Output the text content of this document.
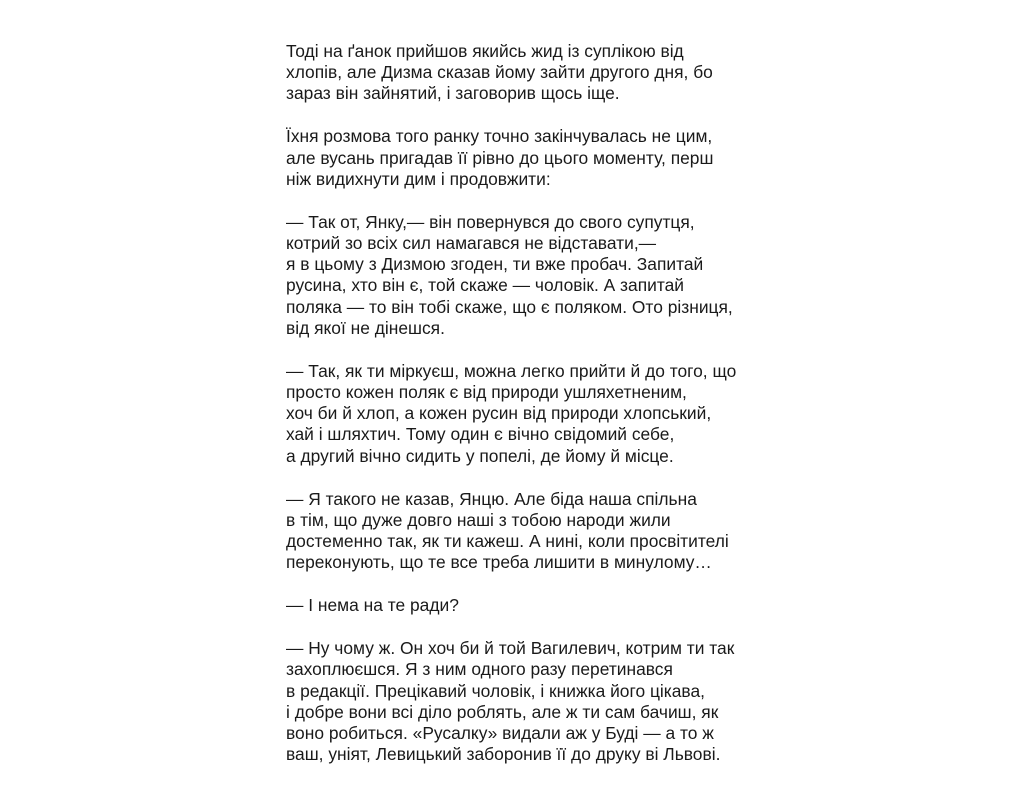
Тоді на ґанок прийшов якийсь жид із суплікою від
хлопів, але Дизма сказав йому зайти другого дня, бо
зараз він зайнятий, і заговорив щось іще.

Їхня розмова того ранку точно закінчувалась не цим,
але вусань пригадав її рівно до цього моменту, перш
ніж видихнути дим і продовжити:

— Так от, Янку,— він повернувся до свого супутця,
котрий зо всіх сил намагався не відставати,—
я в цьому з Дизмою згоден, ти вже пробач. Запитай
русина, хто він є, той скаже — чоловік. А запитай
поляка — то він тобі скаже, що є поляком. Ото різниця,
від якої не дінешся.

— Так, як ти міркуєш, можна легко прийти й до того, що
просто кожен поляк є від природи ушляхетненим,
хоч би й хлоп, а кожен русин від природи хлопський,
хай і шляхтич. Тому один є вічно свідомий себе,
а другий вічно сидить у попелі, де йому й місце.

— Я такого не казав, Янцю. Але біда наша спільна
в тім, що дуже довго наші з тобою народи жили
достеменно так, як ти кажеш. А нині, коли просвітителі
переконують, що те все треба лишити в минулому…

— І нема на те ради?

— Ну чому ж. Он хоч би й той Вагилевич, котрим ти так
захоплюєшся. Я з ним одного разу перетинався
в редакції. Прецікавий чоловік, і книжка його цікава,
і добре вони всі діло роблять, але ж ти сам бачиш, як
воно робиться. «Русалку» видали аж у Буді — а то ж
ваш, унiят, Левицький заборонив її до друку ві Львові.
